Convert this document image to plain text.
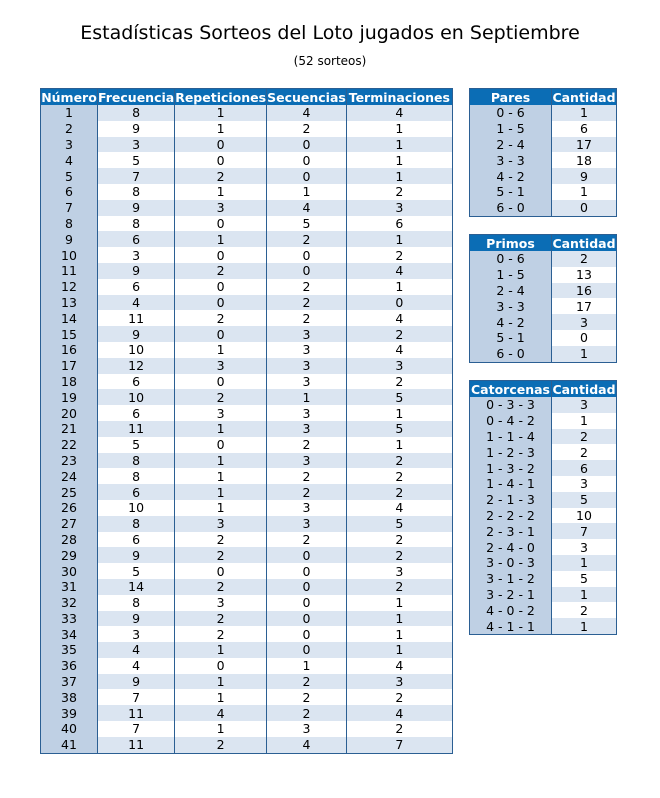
Estadísticas Sorteos del Loto jugados en Septiembre
(52 sorteos)
Número	Frecuencia	Repeticiones	Secuencias	Terminaciones
1	8	1	4	4
2	9	1	2	1
3	3	0	0	1
4	5	0	0	1
5	7	2	0	1
6	8	1	1	2
7	9	3	4	3
8	8	0	5	6
9	6	1	2	1
10	3	0	0	2
11	9	2	0	4
12	6	0	2	1
13	4	0	2	0
14	11	2	2	4
15	9	0	3	2
16	10	1	3	4
17	12	3	3	3
18	6	0	3	2
19	10	2	1	5
20	6	3	3	1
21	11	1	3	5
22	5	0	2	1
23	8	1	3	2
24	8	1	2	2
25	6	1	2	2
26	10	1	3	4
27	8	3	3	5
28	6	2	2	2
29	9	2	0	2
30	5	0	0	3
31	14	2	0	2
32	8	3	0	1
33	9	2	0	1
34	3	2	0	1
35	4	1	0	1
36	4	0	1	4
37	9	1	2	3
38	7	1	2	2
39	11	4	2	4
40	7	1	3	2
41	11	2	4	7
Pares	Cantidad
0 - 6	1
1 - 5	6
2 - 4	17
3 - 3	18
4 - 2	9
5 - 1	1
6 - 0	0
Primos	Cantidad
0 - 6	2
1 - 5	13
2 - 4	16
3 - 3	17
4 - 2	3
5 - 1	0
6 - 0	1
Catorcenas	Cantidad
0 - 3 - 3	3
0 - 4 - 2	1
1 - 1 - 4	2
1 - 2 - 3	2
1 - 3 - 2	6
1 - 4 - 1	3
2 - 1 - 3	5
2 - 2 - 2	10
2 - 3 - 1	7
2 - 4 - 0	3
3 - 0 - 3	1
3 - 1 - 2	5
3 - 2 - 1	1
4 - 0 - 2	2
4 - 1 - 1	1
